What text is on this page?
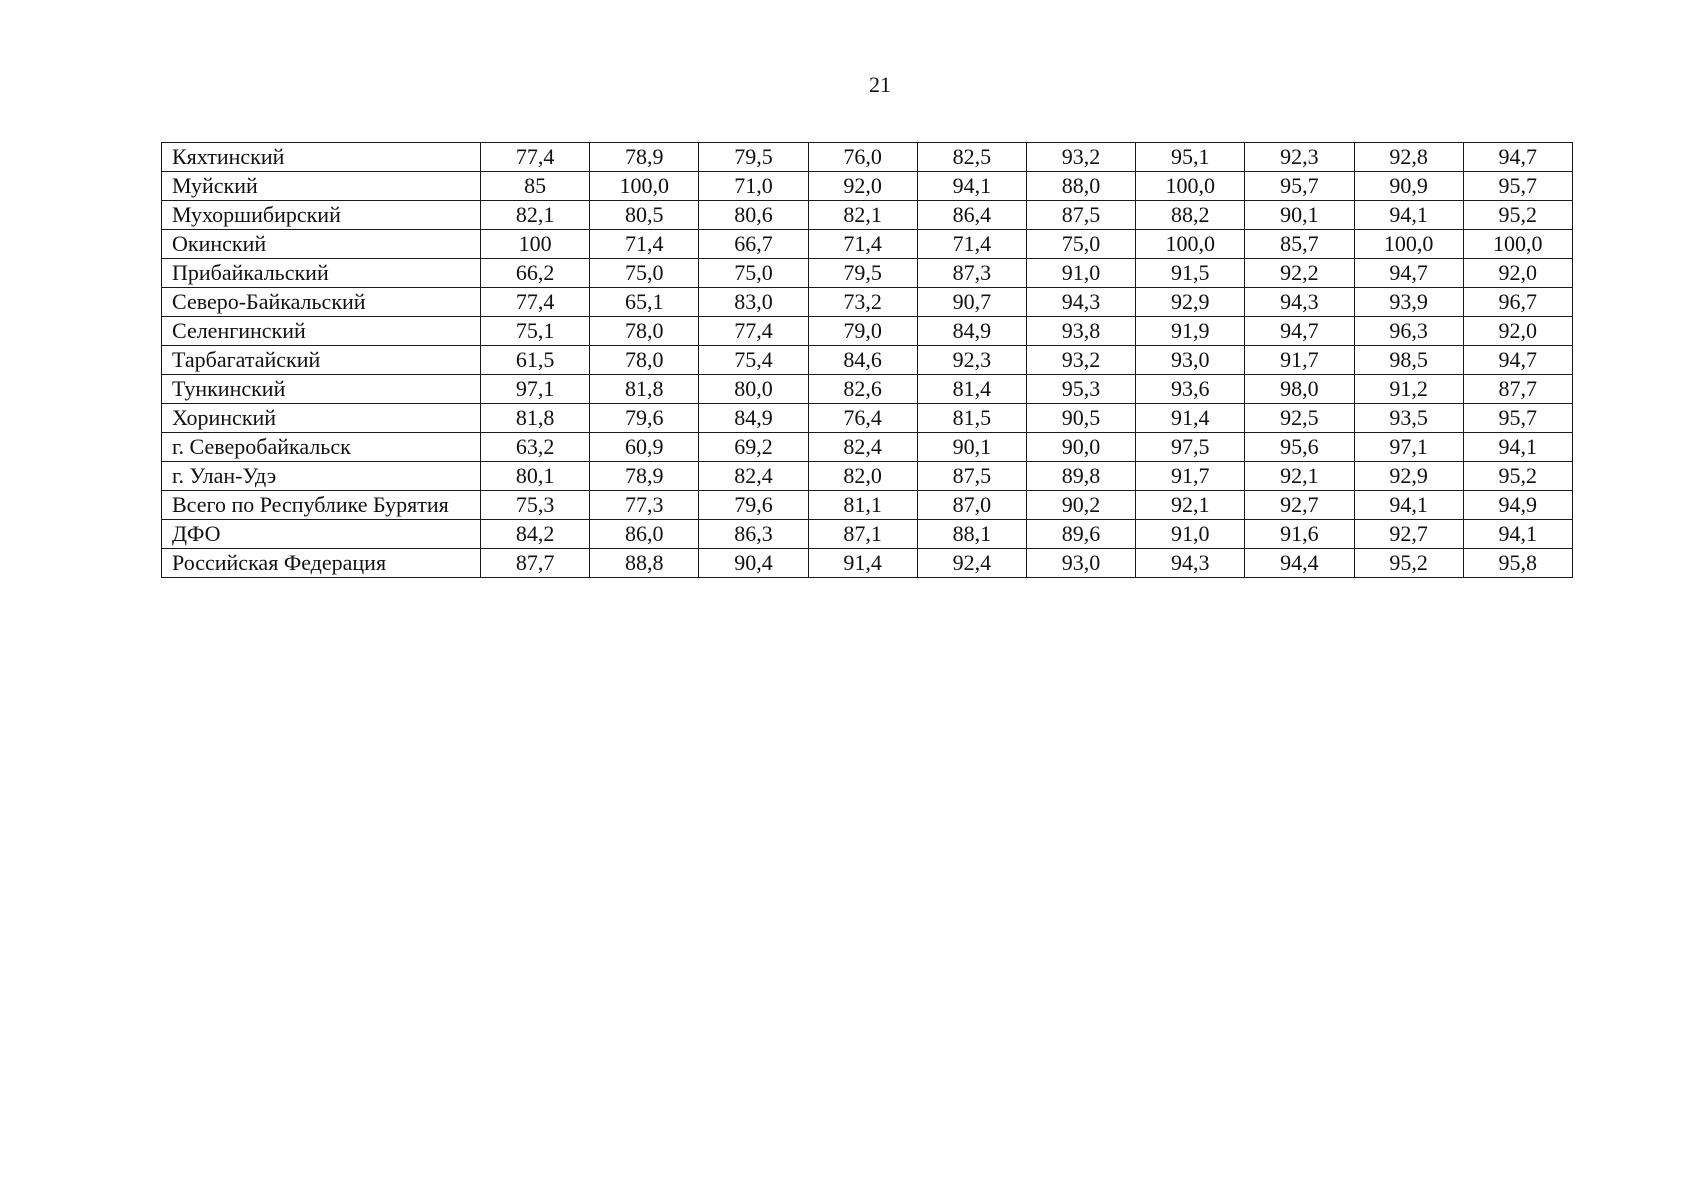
21
Кяхтинский	77,4	78,9	79,5	76,0	82,5	93,2	95,1	92,3	92,8	94,7
Муйский	85	100,0	71,0	92,0	94,1	88,0	100,0	95,7	90,9	95,7
Мухоршибирский	82,1	80,5	80,6	82,1	86,4	87,5	88,2	90,1	94,1	95,2
Окинский	100	71,4	66,7	71,4	71,4	75,0	100,0	85,7	100,0	100,0
Прибайкальский	66,2	75,0	75,0	79,5	87,3	91,0	91,5	92,2	94,7	92,0
Северо-Байкальский	77,4	65,1	83,0	73,2	90,7	94,3	92,9	94,3	93,9	96,7
Селенгинский	75,1	78,0	77,4	79,0	84,9	93,8	91,9	94,7	96,3	92,0
Тарбагатайский	61,5	78,0	75,4	84,6	92,3	93,2	93,0	91,7	98,5	94,7
Тункинский	97,1	81,8	80,0	82,6	81,4	95,3	93,6	98,0	91,2	87,7
Хоринский	81,8	79,6	84,9	76,4	81,5	90,5	91,4	92,5	93,5	95,7
г. Северобайкальск	63,2	60,9	69,2	82,4	90,1	90,0	97,5	95,6	97,1	94,1
г. Улан-Удэ	80,1	78,9	82,4	82,0	87,5	89,8	91,7	92,1	92,9	95,2
Всего по Республике Бурятия	75,3	77,3	79,6	81,1	87,0	90,2	92,1	92,7	94,1	94,9
ДФО	84,2	86,0	86,3	87,1	88,1	89,6	91,0	91,6	92,7	94,1
Российская Федерация	87,7	88,8	90,4	91,4	92,4	93,0	94,3	94,4	95,2	95,8
